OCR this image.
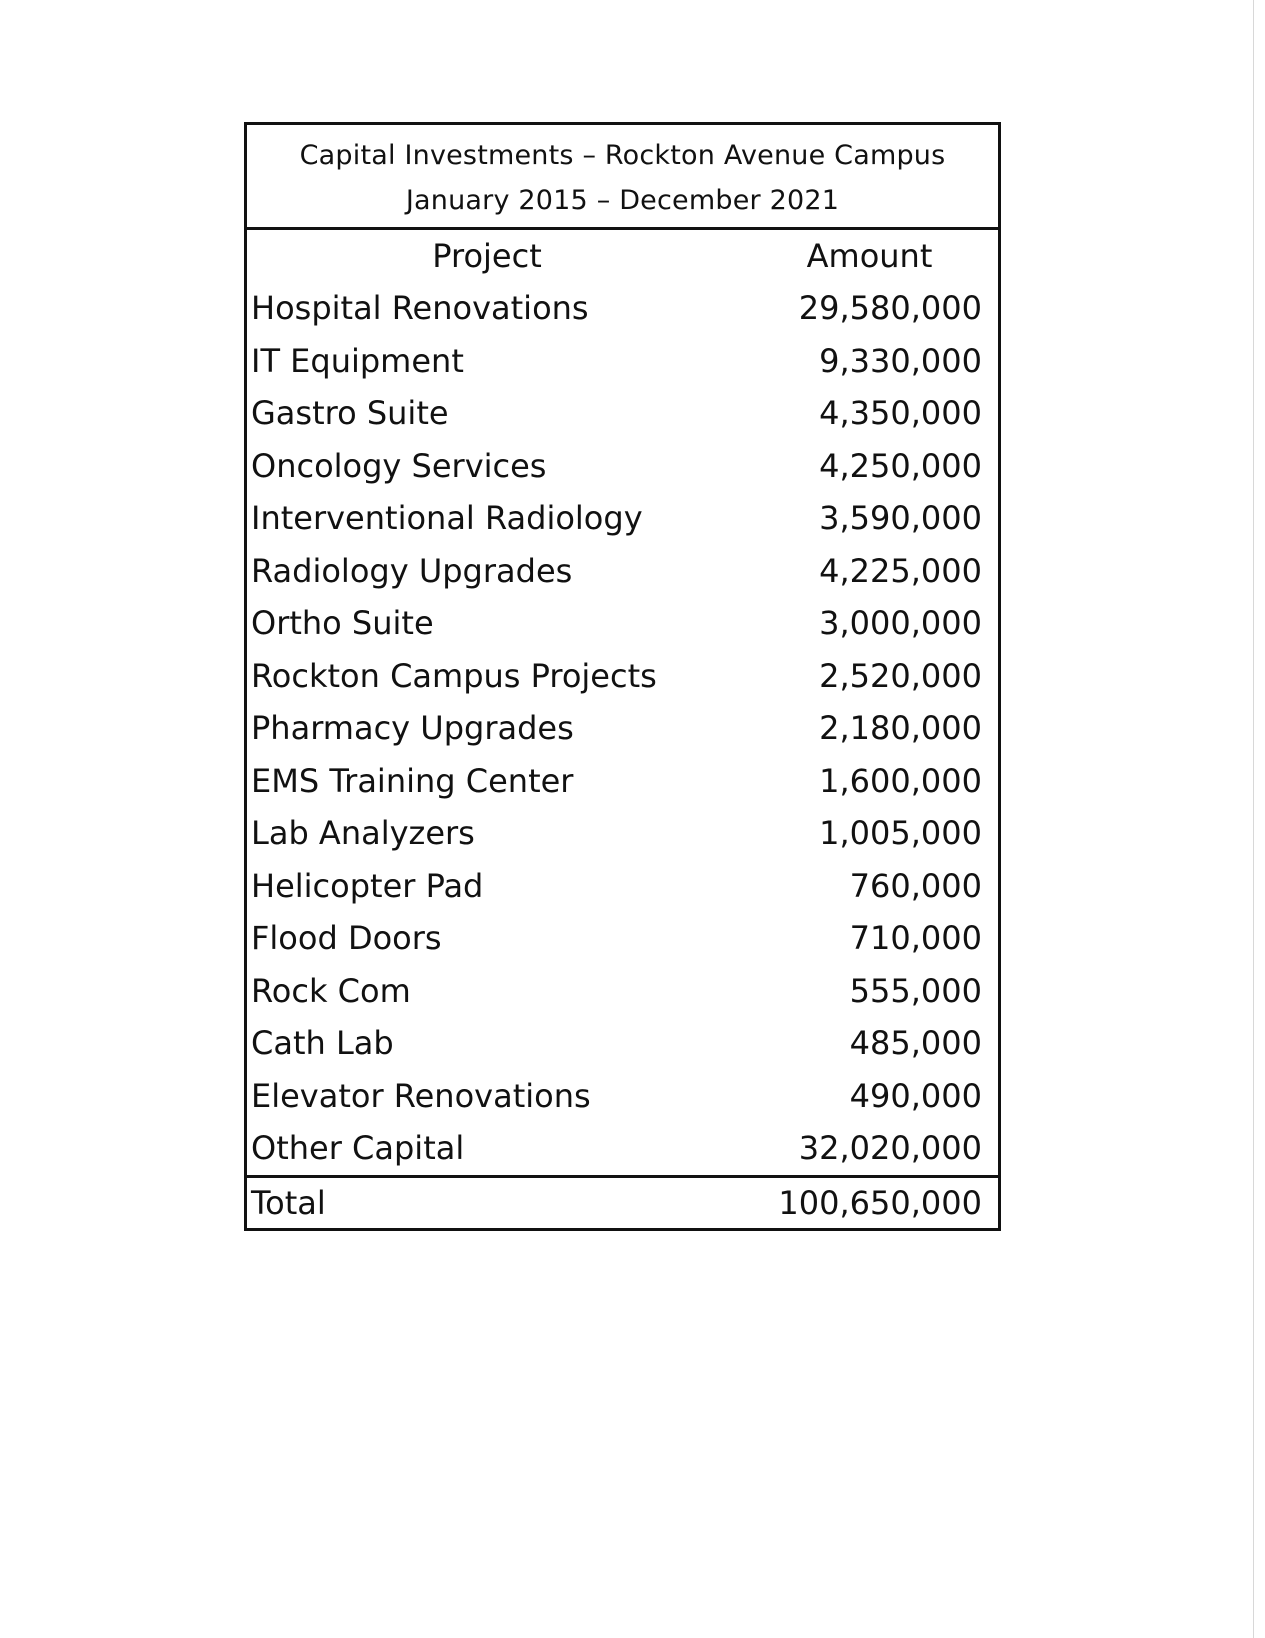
Capital Investments – Rockton Avenue Campus
January 2015 – December 2021
Project	Amount
Hospital Renovations	29,580,000
IT Equipment	9,330,000
Gastro Suite	4,350,000
Oncology Services	4,250,000
Interventional Radiology	3,590,000
Radiology Upgrades	4,225,000
Ortho Suite	3,000,000
Rockton Campus Projects	2,520,000
Pharmacy Upgrades	2,180,000
EMS Training Center	1,600,000
Lab Analyzers	1,005,000
Helicopter Pad	760,000
Flood Doors	710,000
Rock Com	555,000
Cath Lab	485,000
Elevator Renovations	490,000
Other Capital	32,020,000
Total	100,650,000
